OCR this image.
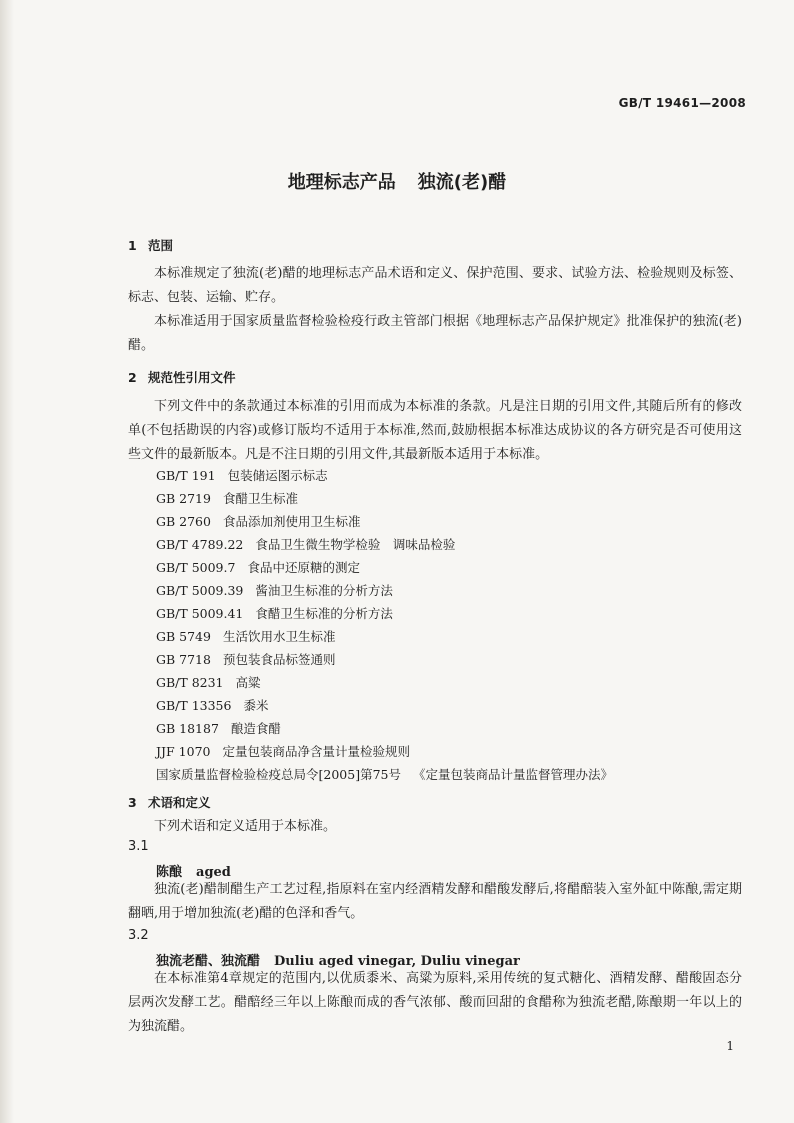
GB/T 19461—2008
地理标志产品 独流(老)醋
1 范围

本标准规定了独流(老)醋的地理标志产品术语和定义、保护范围、要求、试验方法、检验规则及标签、标志、包装、运输、贮存。

本标准适用于国家质量监督检验检疫行政主管部门根据《地理标志产品保护规定》批准保护的独流(老)醋。

2 规范性引用文件

下列文件中的条款通过本标准的引用而成为本标准的条款。凡是注日期的引用文件,其随后所有的修改单(不包括勘误的内容)或修订版均不适用于本标准,然而,鼓励根据本标准达成协议的各方研究是否可使用这些文件的最新版本。凡是不注日期的引用文件,其最新版本适用于本标准。

GB/T 191 包装储运图示标志
GB 2719 食醋卫生标准
GB 2760 食品添加剂使用卫生标准
GB/T 4789.22 食品卫生微生物学检验　调味品检验
GB/T 5009.7 食品中还原糖的测定
GB/T 5009.39 酱油卫生标准的分析方法
GB/T 5009.41 食醋卫生标准的分析方法
GB 5749 生活饮用水卫生标准
GB 7718 预包装食品标签通则
GB/T 8231 高粱
GB/T 13356 黍米
GB 18187 酿造食醋
JJF 1070 定量包装商品净含量计量检验规则
国家质量监督检验检疫总局令[2005]第75号 《定量包装商品计量监督管理办法》
3 术语和定义

下列术语和定义适用于本标准。

3.1
陈酿 aged

独流(老)醋制醋生产工艺过程,指原料在室内经酒精发酵和醋酸发酵后,将醋醅装入室外缸中陈酿,需定期翻晒,用于增加独流(老)醋的色泽和香气。

3.2
独流老醋、独流醋 Duliu aged vinegar, Duliu vinegar

在本标准第4章规定的范围内,以优质黍米、高粱为原料,采用传统的复式糖化、酒精发酵、醋酸固态分层两次发酵工艺。醋醅经三年以上陈酿而成的香气浓郁、酸而回甜的食醋称为独流老醋,陈酿期一年以上的为独流醋。

1
